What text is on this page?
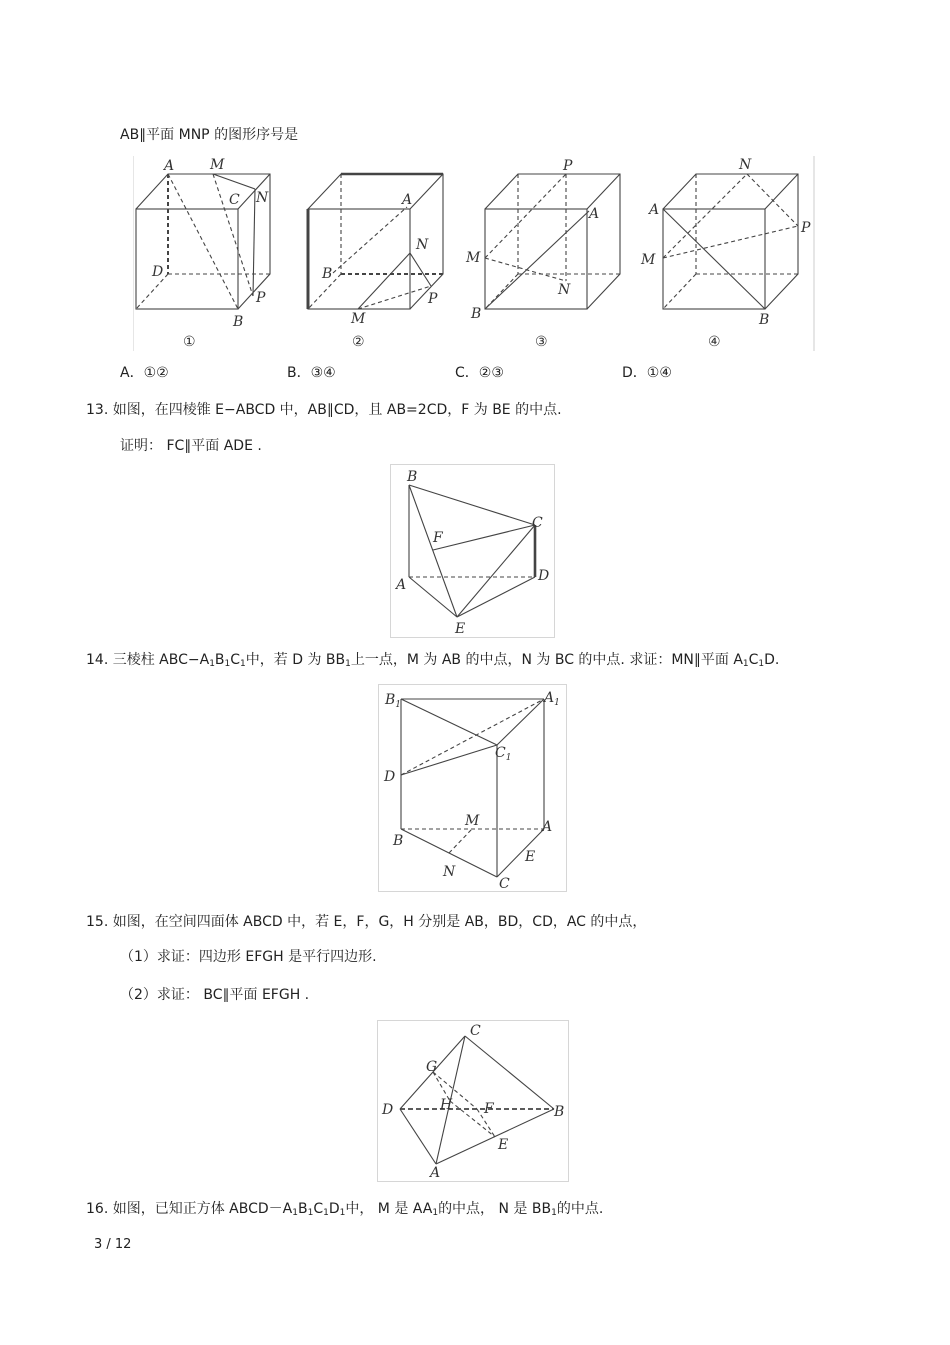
AB∥平面 MNP 的图形序号是
A	M
C N
D
P
B
①
A
N
B
P
M
②
P
A
M
N
B
③
N
A
P
M
B
④
A．①②	B．③④	C．②③	D．①④
13. 如图，在四棱锥 E−ABCD 中，AB∥CD，且 AB=2CD，F 为 BE 的中点.
证明： FC∥平面 ADE .
B
F
C
A
D
E
14. 三棱柱 $ABC-A_1B_1C_1$中，若 D 为 $BB_1$上一点，M 为 AB 的中点，N 为 BC 的中点. 求证：MN∥平面 $A_1C_1D$.
$B_1$	$A_1$
$C_1$
D
M	A
B
E
N
C
15. 如图，在空间四面体 ABCD 中，若 E，F，G，H 分别是 AB，BD，CD，AC 的中点，
（1）求证：四边形 EFGH 是平行四边形.
（2）求证： BC∥平面 EFGH .
C
G
D	H F	B
E
A
16. 如图，已知正方体 $ABCD-A_1B_1C_1D_1$中， M 是 $AA_1$的中点， N 是 $BB_1$的中点.
3 / 12
